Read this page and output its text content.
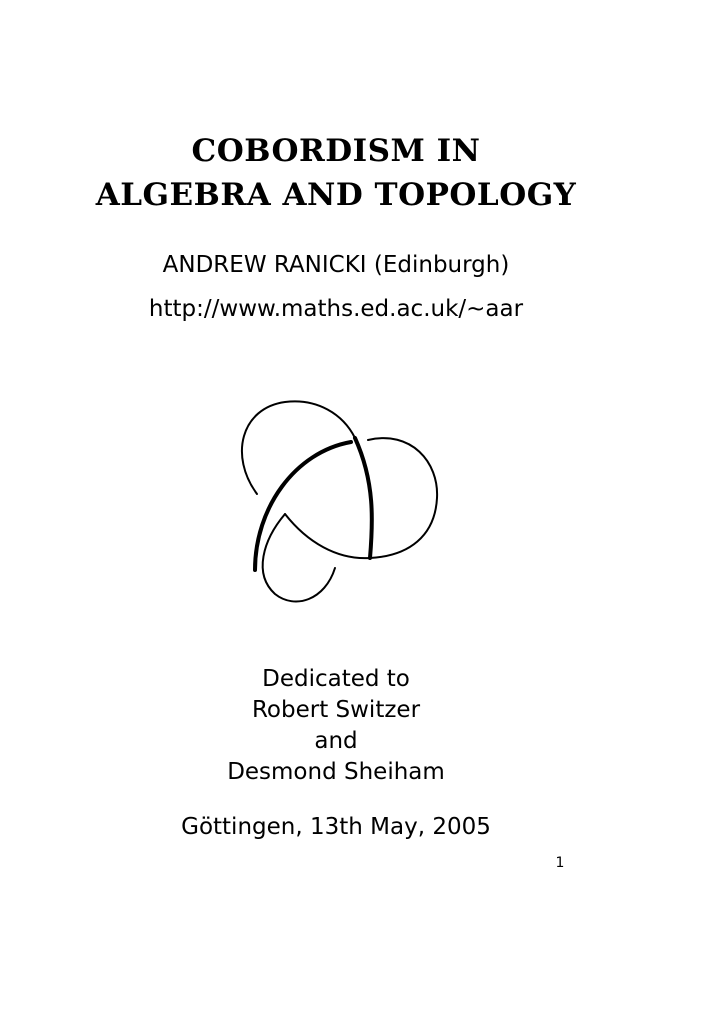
COBORDISM IN
ALGEBRA AND TOPOLOGY
ANDREW RANICKI (Edinburgh)
http://www.maths.ed.ac.uk/~aar
Dedicated to
Robert Switzer
and
Desmond Sheiham
Göttingen, 13th May, 2005
1
